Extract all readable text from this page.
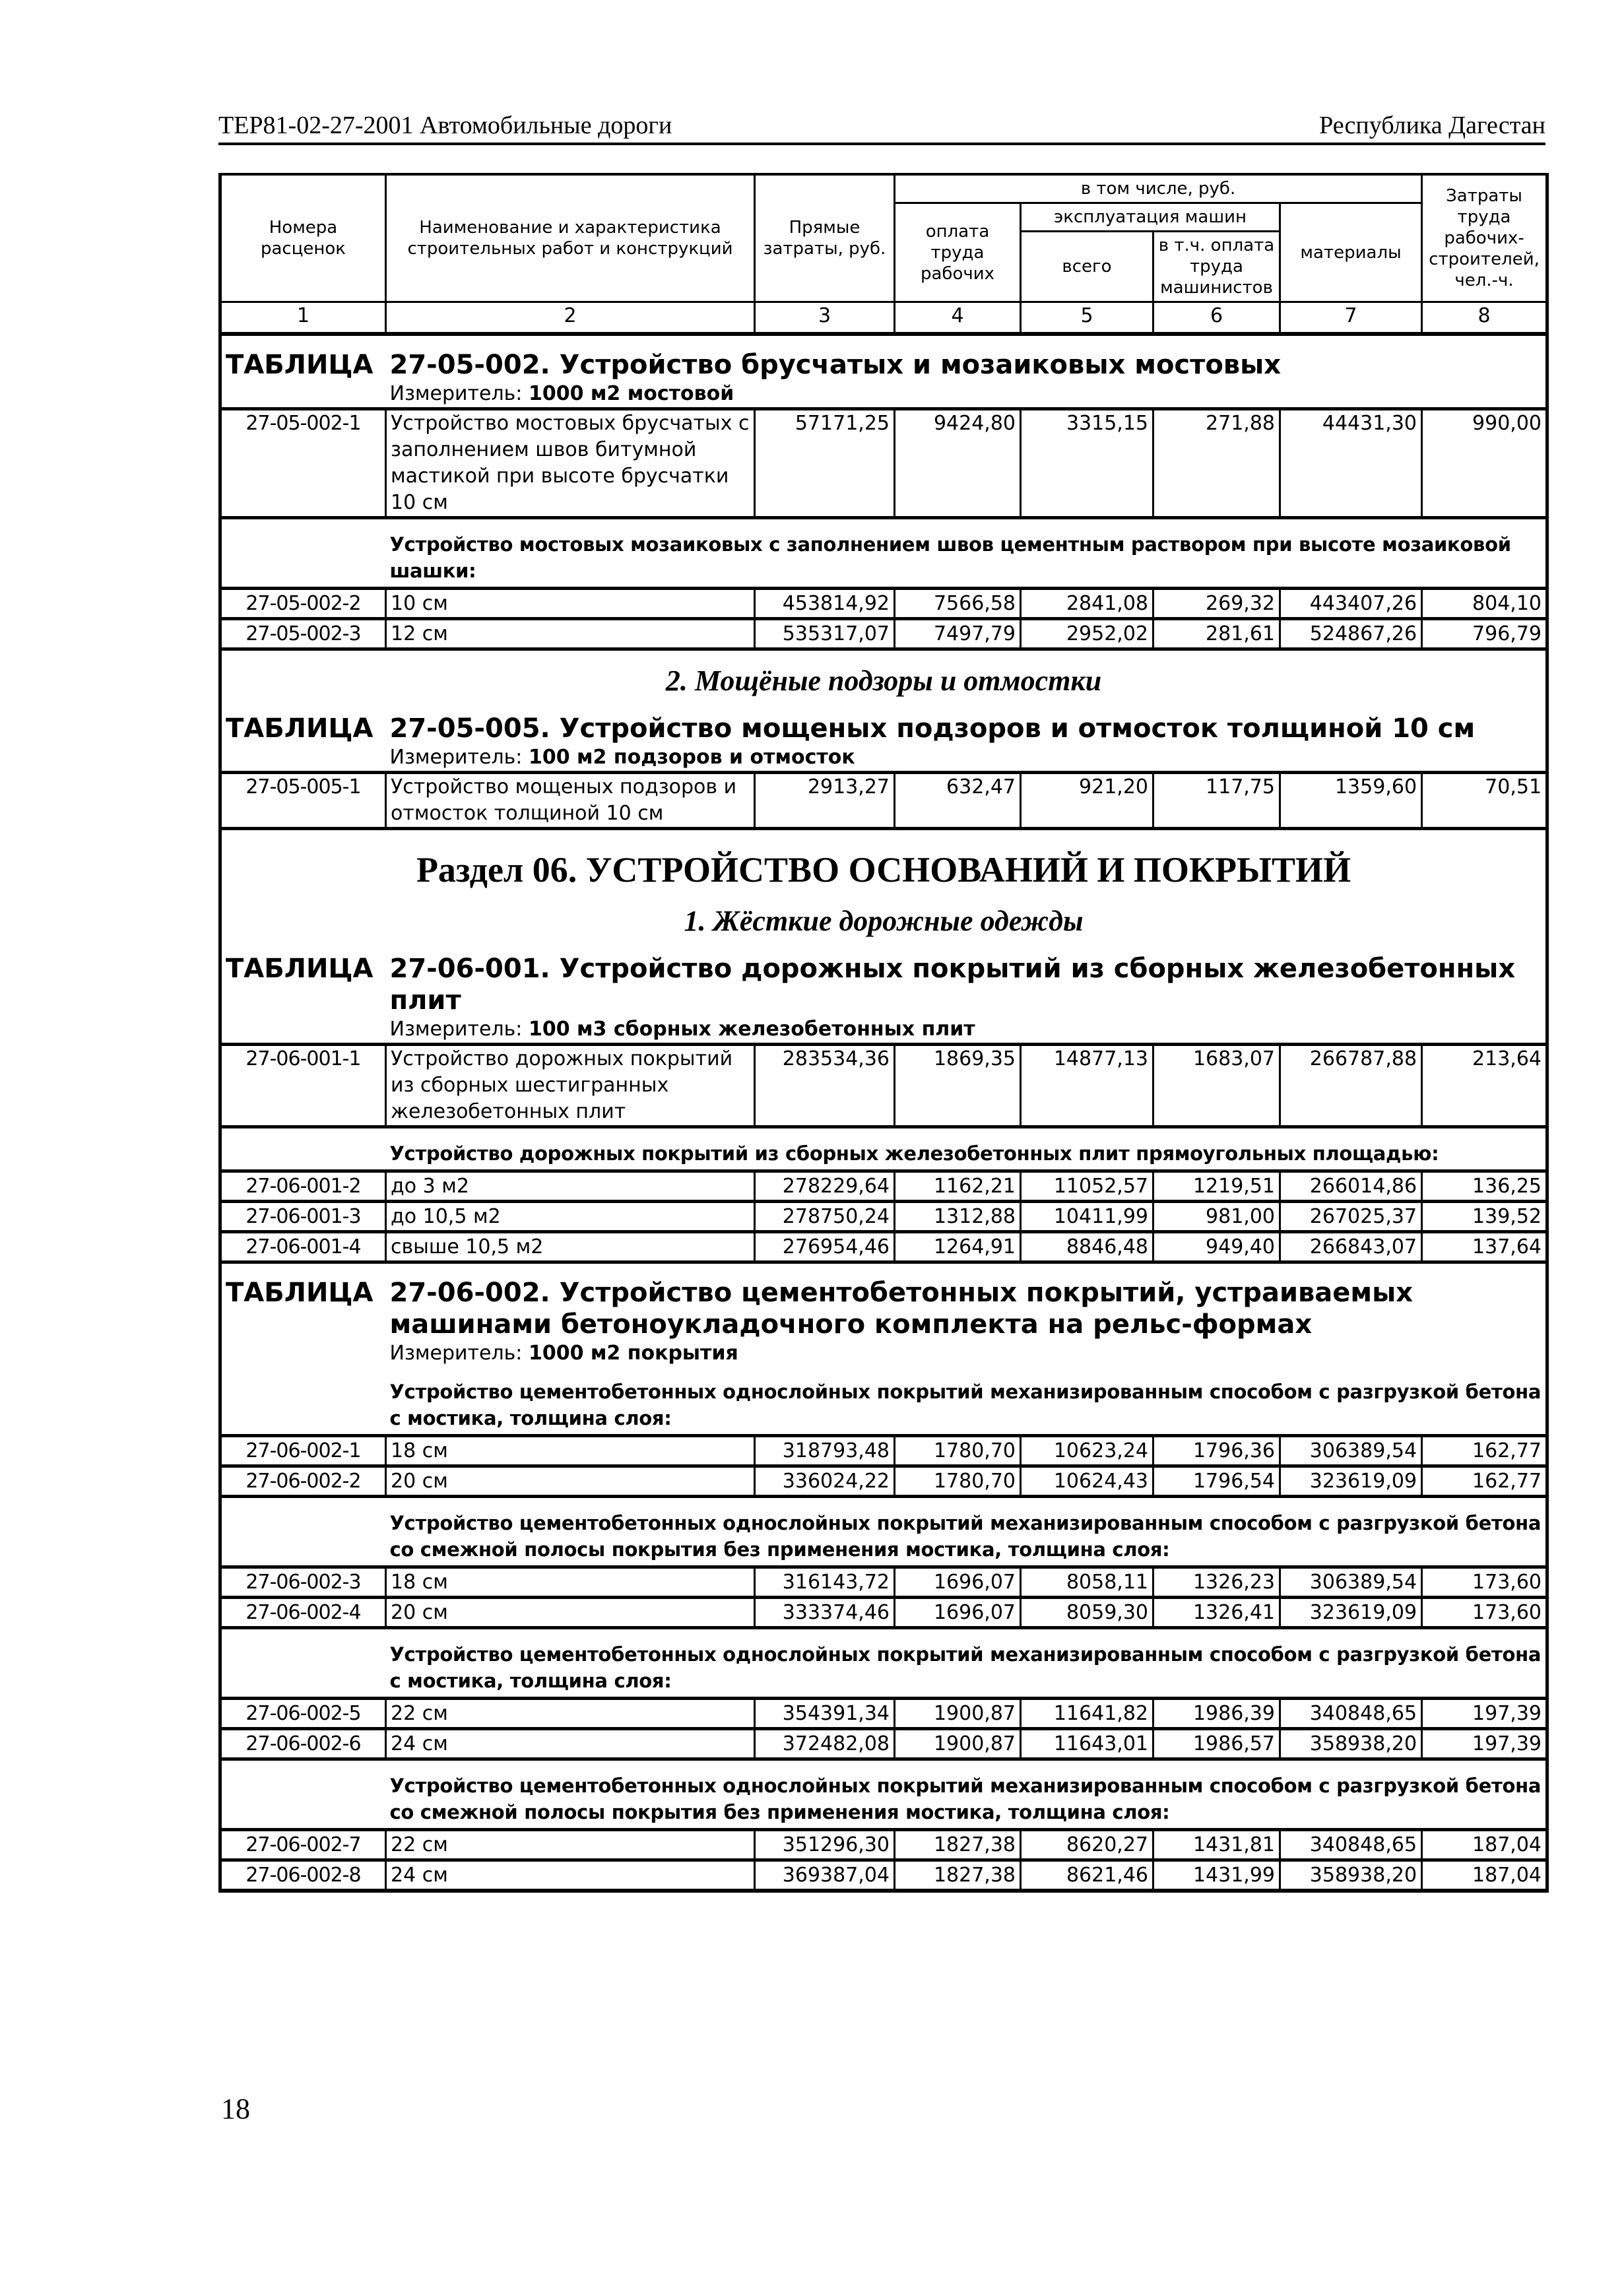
ТЕР81-02-27-2001 Автомобильные дороги	Республика Дагестан
Номера расценок	Наименование и характеристика строительных работ и конструкций	Прямые затраты, руб.	в том числе, руб.				Затраты труда рабочих-строителей, чел.-ч.
			оплата труда рабочих	эксплуатация машин		материалы	
				всего	в т.ч. оплата труда машинистов		
1	2	3	4	5	6	7	8
ТАБЛИЦА	27-05-002. Устройство брусчатых и мозаиковых мостовых						
	Измеритель: 1000 м2 мостовой						
27-05-002-1	Устройство мостовых брусчатых с заполнением швов битумной мастикой при высоте брусчатки 10 см	57171,25	9424,80	3315,15	271,88	44431,30	990,00
	Устройство мостовых мозаиковых с заполнением швов цементным раствором при высоте мозаиковой шашки:						
27-05-002-2	10 см	453814,92	7566,58	2841,08	269,32	443407,26	804,10
27-05-002-3	12 см	535317,07	7497,79	2952,02	281,61	524867,26	796,79
2. Мощёные подзоры и отмостки							
ТАБЛИЦА	27-05-005. Устройство мощеных подзоров и отмосток толщиной 10 см						
	Измеритель: 100 м2 подзоров и отмосток						
27-05-005-1	Устройство мощеных подзоров и отмосток толщиной 10 см	2913,27	632,47	921,20	117,75	1359,60	70,51
Раздел 06. УСТРОЙСТВО ОСНОВАНИЙ И ПОКРЫТИЙ							
1. Жёсткие дорожные одежды							
ТАБЛИЦА	27-06-001. Устройство дорожных покрытий из сборных железобетонных плит						
	Измеритель: 100 м3 сборных железобетонных плит						
27-06-001-1	Устройство дорожных покрытий из сборных шестигранных железобетонных плит	283534,36	1869,35	14877,13	1683,07	266787,88	213,64
	Устройство дорожных покрытий из сборных железобетонных плит прямоугольных площадью:						
27-06-001-2	до 3 м2	278229,64	1162,21	11052,57	1219,51	266014,86	136,25
27-06-001-3	до 10,5 м2	278750,24	1312,88	10411,99	981,00	267025,37	139,52
27-06-001-4	свыше 10,5 м2	276954,46	1264,91	8846,48	949,40	266843,07	137,64
ТАБЛИЦА	27-06-002. Устройство цементобетонных покрытий, устраиваемых машинами бетоноукладочного комплекта на рельс-формах						
	Измеритель: 1000 м2 покрытия						
	Устройство цементобетонных однослойных покрытий механизированным способом с разгрузкой бетона с мостика, толщина слоя:						
27-06-002-1	18 см	318793,48	1780,70	10623,24	1796,36	306389,54	162,77
27-06-002-2	20 см	336024,22	1780,70	10624,43	1796,54	323619,09	162,77
	Устройство цементобетонных однослойных покрытий механизированным способом с разгрузкой бетона со смежной полосы покрытия без применения мостика, толщина слоя:						
27-06-002-3	18 см	316143,72	1696,07	8058,11	1326,23	306389,54	173,60
27-06-002-4	20 см	333374,46	1696,07	8059,30	1326,41	323619,09	173,60
	Устройство цементобетонных однослойных покрытий механизированным способом с разгрузкой бетона с мостика, толщина слоя:						
27-06-002-5	22 см	354391,34	1900,87	11641,82	1986,39	340848,65	197,39
27-06-002-6	24 см	372482,08	1900,87	11643,01	1986,57	358938,20	197,39
	Устройство цементобетонных однослойных покрытий механизированным способом с разгрузкой бетона со смежной полосы покрытия без применения мостика, толщина слоя:						
27-06-002-7	22 см	351296,30	1827,38	8620,27	1431,81	340848,65	187,04
27-06-002-8	24 см	369387,04	1827,38	8621,46	1431,99	358938,20	187,04
18
